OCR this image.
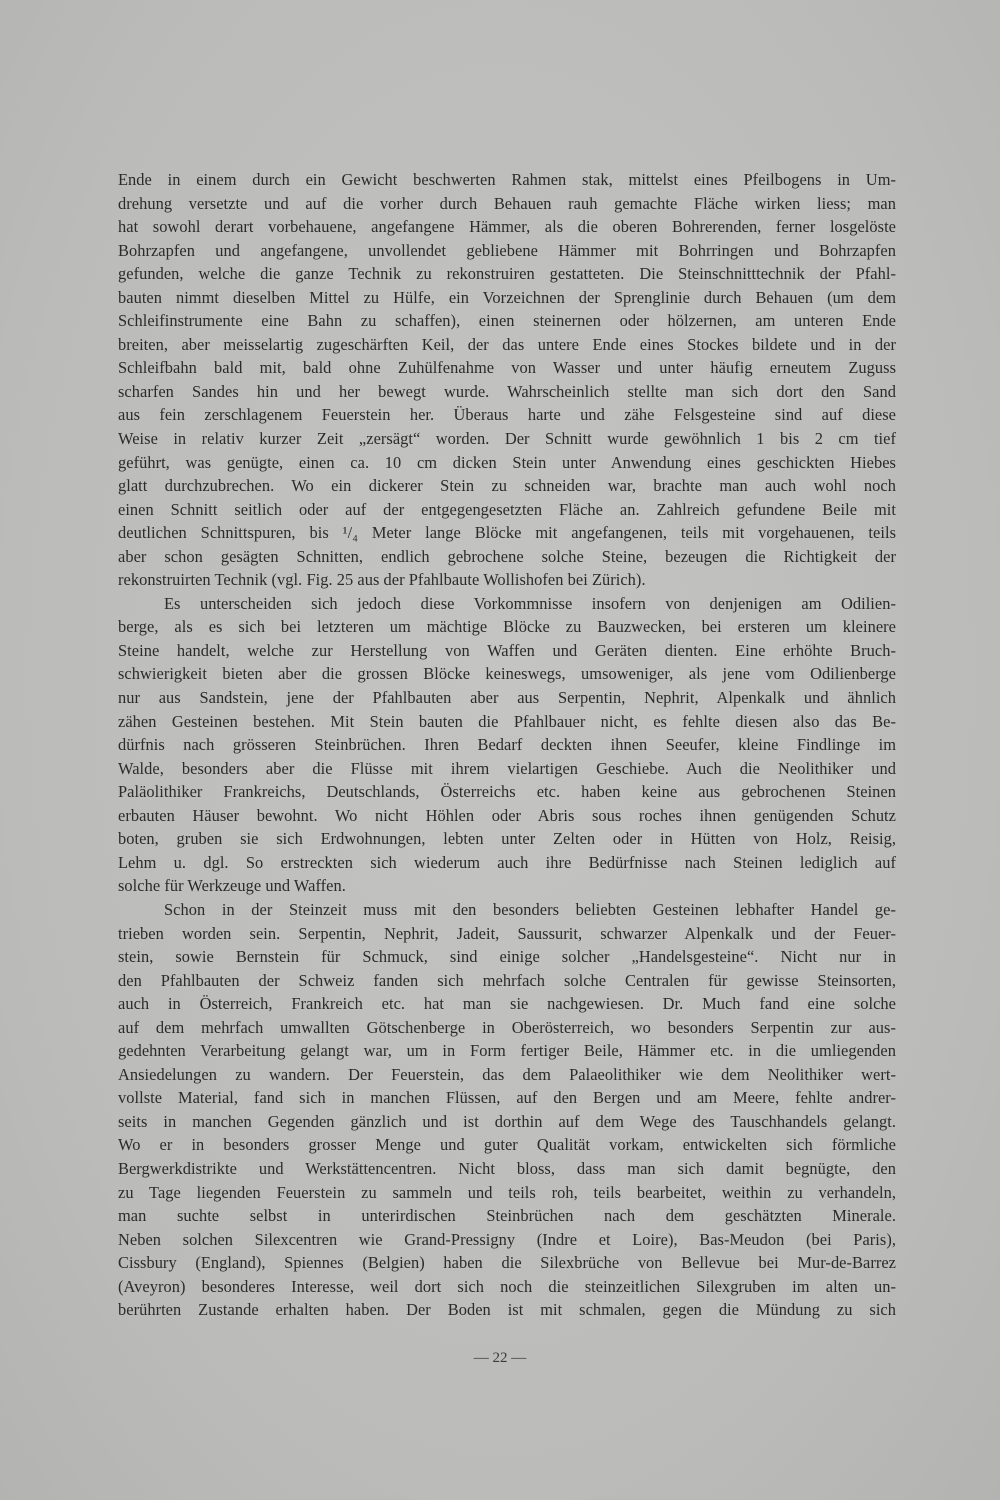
Ende in einem durch ein Gewicht beschwerten Rahmen stak, mittelst eines Pfeilbogens in Um-
drehung versetzte und auf die vorher durch Behauen rauh gemachte Fläche wirken liess; man
hat sowohl derart vorbehauene, angefangene Hämmer, als die oberen Bohrerenden, ferner losgelöste
Bohrzapfen und angefangene, unvollendet gebliebene Hämmer mit Bohrringen und Bohrzapfen
gefunden, welche die ganze Technik zu rekonstruiren gestatteten. Die Steinschnitttechnik der Pfahl-
bauten nimmt dieselben Mittel zu Hülfe, ein Vorzeichnen der Sprenglinie durch Behauen (um dem
Schleifinstrumente eine Bahn zu schaffen), einen steinernen oder hölzernen, am unteren Ende
breiten, aber meisselartig zugeschärften Keil, der das untere Ende eines Stockes bildete und in der
Schleifbahn bald mit, bald ohne Zuhülfenahme von Wasser und unter häufig erneutem Zuguss
scharfen Sandes hin und her bewegt wurde. Wahrscheinlich stellte man sich dort den Sand
aus fein zerschlagenem Feuerstein her. Überaus harte und zähe Felsgesteine sind auf diese
Weise in relativ kurzer Zeit „zersägt“ worden. Der Schnitt wurde gewöhnlich 1 bis 2 cm tief
geführt, was genügte, einen ca. 10 cm dicken Stein unter Anwendung eines geschickten Hiebes
glatt durchzubrechen. Wo ein dickerer Stein zu schneiden war, brachte man auch wohl noch
einen Schnitt seitlich oder auf der entgegengesetzten Fläche an. Zahlreich gefundene Beile mit
deutlichen Schnittspuren, bis ¹/₄ Meter lange Blöcke mit angefangenen, teils mit vorgehauenen, teils
aber schon gesägten Schnitten, endlich gebrochene solche Steine, bezeugen die Richtigkeit der
rekonstruirten Technik (vgl. Fig. 25 aus der Pfahlbaute Wollishofen bei Zürich).
Es unterscheiden sich jedoch diese Vorkommnisse insofern von denjenigen am Odilien-
berge, als es sich bei letzteren um mächtige Blöcke zu Bauzwecken, bei ersteren um kleinere
Steine handelt, welche zur Herstellung von Waffen und Geräten dienten. Eine erhöhte Bruch-
schwierigkeit bieten aber die grossen Blöcke keineswegs, umsoweniger, als jene vom Odilienberge
nur aus Sandstein, jene der Pfahlbauten aber aus Serpentin, Nephrit, Alpenkalk und ähnlich
zähen Gesteinen bestehen. Mit Stein bauten die Pfahlbauer nicht, es fehlte diesen also das Be-
dürfnis nach grösseren Steinbrüchen. Ihren Bedarf deckten ihnen Seeufer, kleine Findlinge im
Walde, besonders aber die Flüsse mit ihrem vielartigen Geschiebe. Auch die Neolithiker und
Paläolithiker Frankreichs, Deutschlands, Österreichs etc. haben keine aus gebrochenen Steinen
erbauten Häuser bewohnt. Wo nicht Höhlen oder Abris sous roches ihnen genügenden Schutz
boten, gruben sie sich Erdwohnungen, lebten unter Zelten oder in Hütten von Holz, Reisig,
Lehm u. dgl. So erstreckten sich wiederum auch ihre Bedürfnisse nach Steinen lediglich auf
solche für Werkzeuge und Waffen.
Schon in der Steinzeit muss mit den besonders beliebten Gesteinen lebhafter Handel ge-
trieben worden sein. Serpentin, Nephrit, Jadeit, Saussurit, schwarzer Alpenkalk und der Feuer-
stein, sowie Bernstein für Schmuck, sind einige solcher „Handelsgesteine“. Nicht nur in
den Pfahlbauten der Schweiz fanden sich mehrfach solche Centralen für gewisse Steinsorten,
auch in Österreich, Frankreich etc. hat man sie nachgewiesen. Dr. Much fand eine solche
auf dem mehrfach umwallten Götschenberge in Oberösterreich, wo besonders Serpentin zur aus-
gedehnten Verarbeitung gelangt war, um in Form fertiger Beile, Hämmer etc. in die umliegenden
Ansiedelungen zu wandern. Der Feuerstein, das dem Palaeolithiker wie dem Neolithiker wert-
vollste Material, fand sich in manchen Flüssen, auf den Bergen und am Meere, fehlte andrer-
seits in manchen Gegenden gänzlich und ist dorthin auf dem Wege des Tauschhandels gelangt.
Wo er in besonders grosser Menge und guter Qualität vorkam, entwickelten sich förmliche
Bergwerkdistrikte und Werkstättencentren. Nicht bloss, dass man sich damit begnügte, den
zu Tage liegenden Feuerstein zu sammeln und teils roh, teils bearbeitet, weithin zu verhandeln,
man suchte selbst in unterirdischen Steinbrüchen nach dem geschätzten Minerale.
Neben solchen Silexcentren wie Grand-Pressigny (Indre et Loire), Bas-Meudon (bei Paris),
Cissbury (England), Spiennes (Belgien) haben die Silexbrüche von Bellevue bei Mur-de-Barrez
(Aveyron) besonderes Interesse, weil dort sich noch die steinzeitlichen Silexgruben im alten un-
berührten Zustande erhalten haben. Der Boden ist mit schmalen, gegen die Mündung zu sich
— 22 —
